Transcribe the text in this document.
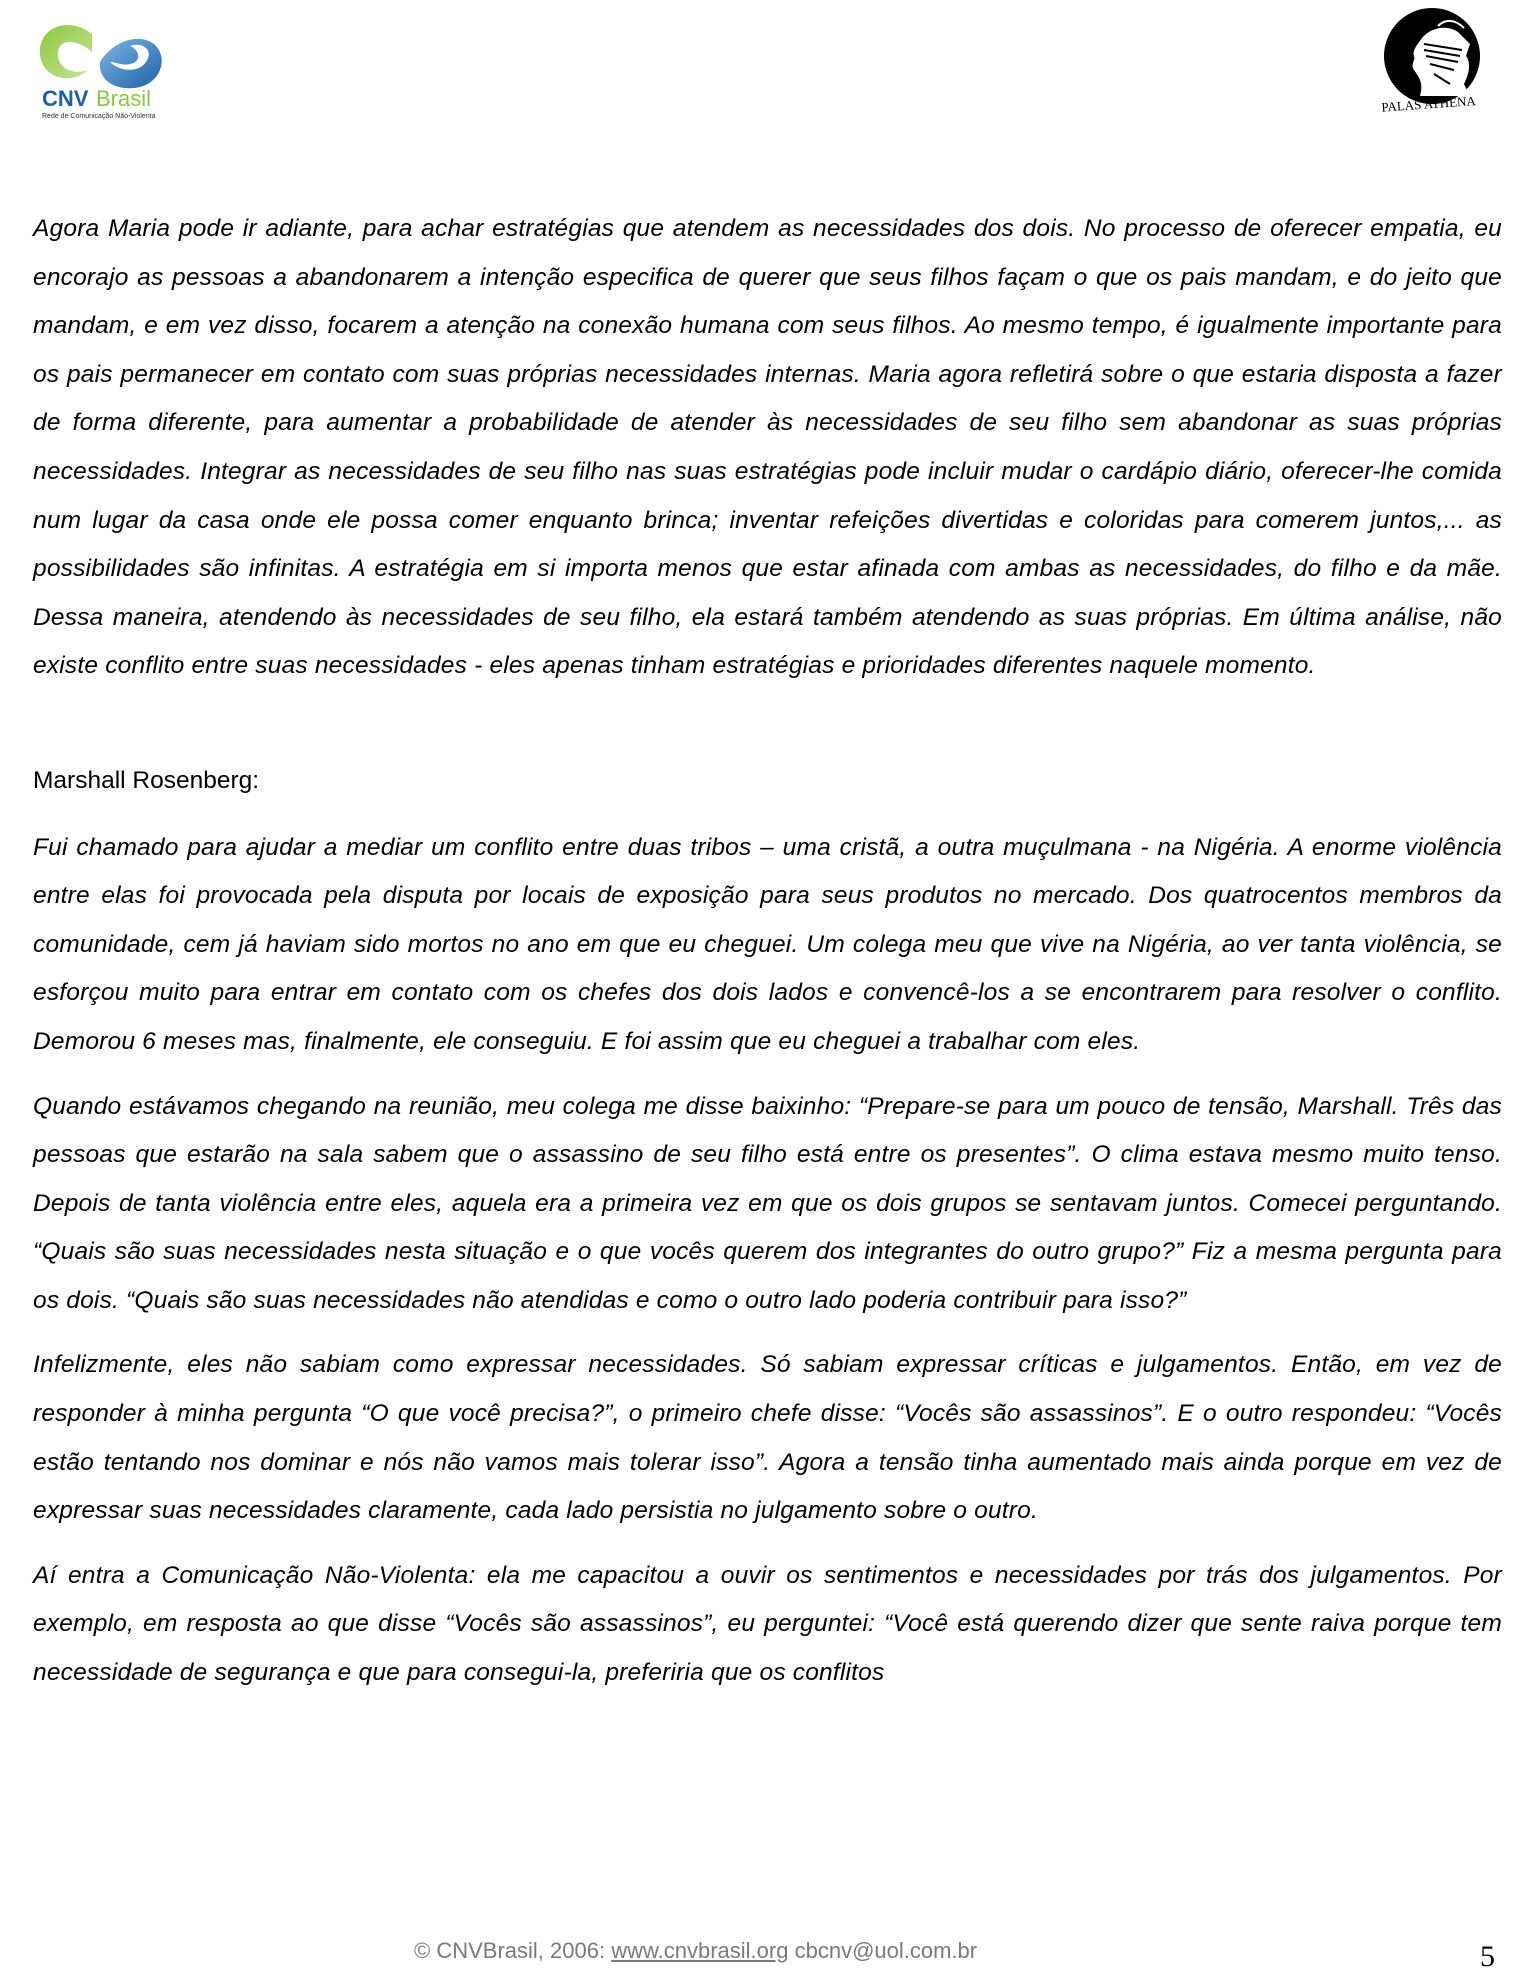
CNV Brasil
Rede de Comunicação Não-Violenta
PALAS ATHENA

Agora Maria pode ir adiante, para achar estratégias que atendem as necessidades dos dois. No processo de oferecer empatia, eu encorajo as pessoas a abandonarem a intenção especifica de querer que seus filhos façam o que os pais mandam, e do jeito que mandam, e em vez disso, focarem a atenção na conexão humana com seus filhos. Ao mesmo tempo, é igualmente importante para os pais permanecer em contato com suas próprias necessidades internas. Maria agora refletirá sobre o que estaria disposta a fazer de forma diferente, para aumentar a probabilidade de atender às necessidades de seu filho sem abandonar as suas próprias necessidades. Integrar as necessidades de seu filho nas suas estratégias pode incluir mudar o cardápio diário, oferecer-lhe comida num lugar da casa onde ele possa comer enquanto brinca; inventar refeições divertidas e coloridas para comerem juntos,... as possibilidades são infinitas. A estratégia em si importa menos que estar afinada com ambas as necessidades, do filho e da mãe. Dessa maneira, atendendo às necessidades de seu filho, ela estará também atendendo as suas próprias. Em última análise, não existe conflito entre suas necessidades - eles apenas tinham estratégias e prioridades diferentes naquele momento.

Marshall Rosenberg:

Fui chamado para ajudar a mediar um conflito entre duas tribos – uma cristã, a outra muçulmana - na Nigéria. A enorme violência entre elas foi provocada pela disputa por locais de exposição para seus produtos no mercado. Dos quatrocentos membros da comunidade, cem já haviam sido mortos no ano em que eu cheguei. Um colega meu que vive na Nigéria, ao ver tanta violência, se esforçou muito para entrar em contato com os chefes dos dois lados e convencê-los a se encontrarem para resolver o conflito. Demorou 6 meses mas, finalmente, ele conseguiu. E foi assim que eu cheguei a trabalhar com eles.

Quando estávamos chegando na reunião, meu colega me disse baixinho: “Prepare-se para um pouco de tensão, Marshall. Três das pessoas que estarão na sala sabem que o assassino de seu filho está entre os presentes”. O clima estava mesmo muito tenso. Depois de tanta violência entre eles, aquela era a primeira vez em que os dois grupos se sentavam juntos. Comecei perguntando. “Quais são suas necessidades nesta situação e o que vocês querem dos integrantes do outro grupo?” Fiz a mesma pergunta para os dois. “Quais são suas necessidades não atendidas e como o outro lado poderia contribuir para isso?”

Infelizmente, eles não sabiam como expressar necessidades. Só sabiam expressar críticas e julgamentos. Então, em vez de responder à minha pergunta “O que você precisa?”, o primeiro chefe disse: “Vocês são assassinos”. E o outro respondeu: “Vocês estão tentando nos dominar e nós não vamos mais tolerar isso”. Agora a tensão tinha aumentado mais ainda porque em vez de expressar suas necessidades claramente, cada lado persistia no julgamento sobre o outro.

Aí entra a Comunicação Não-Violenta: ela me capacitou a ouvir os sentimentos e necessidades por trás dos julgamentos. Por exemplo, em resposta ao que disse “Vocês são assassinos”, eu perguntei: “Você está querendo dizer que sente raiva porque tem necessidade de segurança e que para consegui-la, preferiria que os conflitos

© CNVBrasil, 2006: www.cnvbrasil.org cbcnv@uol.com.br	5
